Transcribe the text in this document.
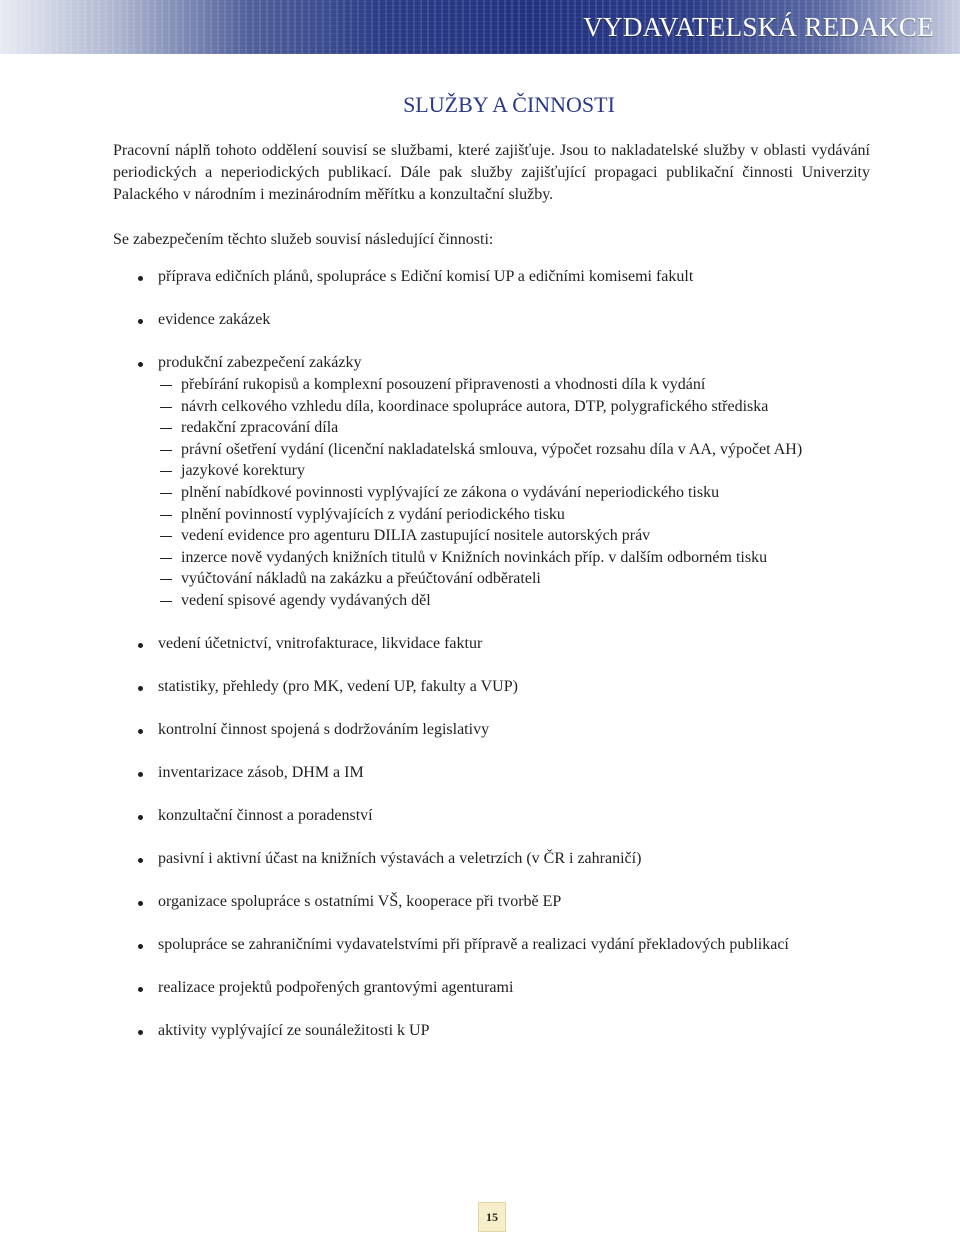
VYDAVATELSKÁ REDAKCE
SLUŽBY A ČINNOSTI

Pracovní náplň tohoto oddělení souvisí se službami, které zajišťuje. Jsou to nakladatelské služby v oblasti vydávání periodických a neperiodických publikací. Dále pak služby zajišťující propagaci publikační činnosti Univerzity Palackého v národním i mezinárodním měřítku a konzultační služby.

Se zabezpečením těchto služeb souvisí následující činnosti:

příprava edičních plánů, spolupráce s Ediční komisí UP a edičními komisemi fakult
evidence zakázek
produkční zabezpečení zakázky
přebírání rukopisů a komplexní posouzení připravenosti a vhodnosti díla k vydání
návrh celkového vzhledu díla, koordinace spolupráce autora, DTP, polygrafického střediska
redakční zpracování díla
právní ošetření vydání (licenční nakladatelská smlouva, výpočet rozsahu díla v AA, výpočet AH)
jazykové korektury
plnění nabídkové povinnosti vyplývající ze zákona o vydávání neperiodického tisku
plnění povinností vyplývajících z vydání periodického tisku
vedení evidence pro agenturu DILIA zastupující nositele autorských práv
inzerce nově vydaných knižních titulů v Knižních novinkách příp. v dalším odborném tisku
vyúčtování nákladů na zakázku a přeúčtování odběrateli
vedení spisové agendy vydávaných děl
vedení účetnictví, vnitrofakturace, likvidace faktur
statistiky, přehledy (pro MK, vedení UP, fakulty a VUP)
kontrolní činnost spojená s dodržováním legislativy
inventarizace zásob, DHM a IM
konzultační činnost a poradenství
pasivní i aktivní účast na knižních výstavách a veletrzích (v ČR i zahraničí)
organizace spolupráce s ostatními VŠ, kooperace při tvorbě EP
spolupráce se zahraničními vydavatelstvími při přípravě a realizaci vydání překladových publikací
realizace projektů podpořených grantovými agenturami
aktivity vyplývající ze sounáležitosti k UP
15
